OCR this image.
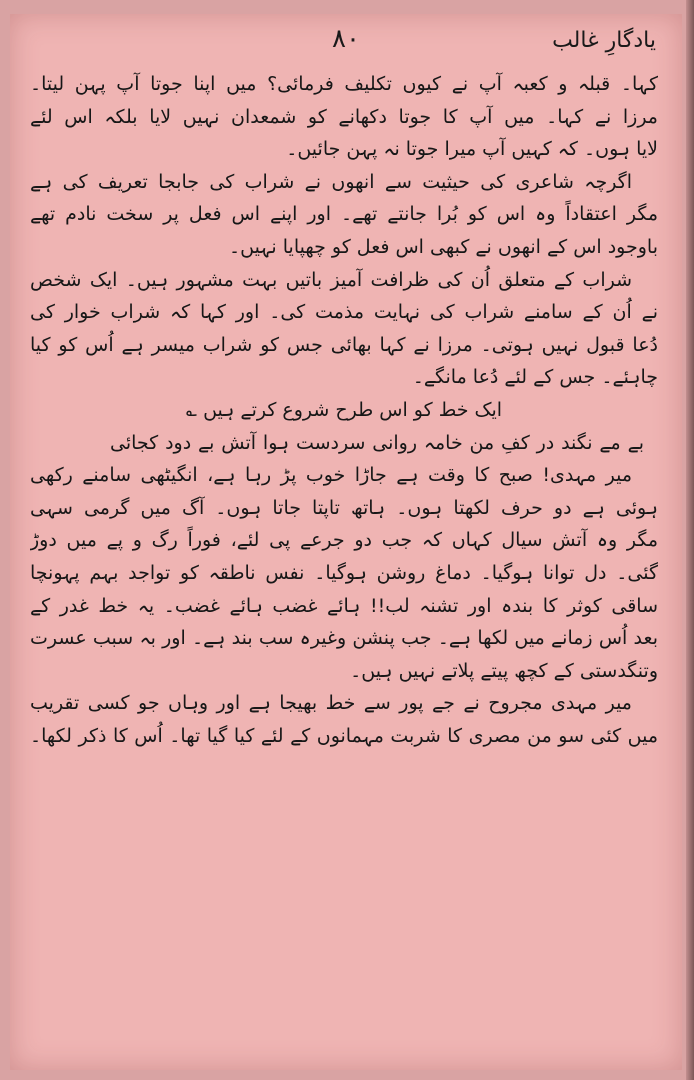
۸۰	یادگارِ غالب
کہا۔ قبلہ و کعبہ آپ نے کیوں تکلیف فرمائی؟ میں اپنا جوتا آپ پہن لیتا۔
مرزا نے کہا۔ میں آپ کا جوتا دکھانے کو شمعدان نہیں لایا بلکہ اس لئے
لایا ہوں۔ کہ کہیں آپ میرا جوتا نہ پہن جائیں۔
اگرچہ شاعری کی حیثیت سے انھوں نے شراب کی جابجا تعریف کی ہے
مگر اعتقاداً وہ اس کو بُرا جانتے تھے۔ اور اپنے اس فعل پر سخت نادم تھے
باوجود اس کے انھوں نے کبھی اس فعل کو چھپایا نہیں۔
شراب کے متعلق اُن کی ظرافت آمیز باتیں بہت مشہور ہیں۔ ایک شخص
نے اُن کے سامنے شراب کی نہایت مذمت کی۔ اور کہا کہ شراب خوار کی
دُعا قبول نہیں ہوتی۔ مرزا نے کہا بھائی جس کو شراب میسر ہے اُس کو کیا
چاہئے۔ جس کے لئے دُعا مانگے۔
ایک خط کو اس طرح شروع کرتے ہیں ؎
بے مے نگند در کفِ من خامہ روانی سردست ہوا آتش بے دود کجائی
میر مہدی! صبح کا وقت ہے جاڑا خوب پڑ رہا ہے، انگیٹھی سامنے رکھی
ہوئی ہے دو حرف لکھتا ہوں۔ ہاتھ تاپتا جاتا ہوں۔ آگ میں گرمی سہی
مگر وہ آتش سیال کہاں کہ جب دو جرعے پی لئے، فوراً رگ و پے میں دوڑ
گئی۔ دل توانا ہوگیا۔ دماغ روشن ہوگیا۔ نفس ناطقہ کو تواجد بہم پہونچا
ساقی کوثر کا بندہ اور تشنہ لب!! ہائے غضب ہائے غضب۔ یہ خط غدر کے
بعد اُس زمانے میں لکھا ہے۔ جب پنشن وغیرہ سب بند ہے۔ اور بہ سبب عسرت
وتنگدستی کے کچھ پیتے پلاتے نہیں ہیں۔
میر مہدی مجروح نے جے پور سے خط بھیجا ہے اور وہاں جو کسی تقریب
میں کئی سو من مصری کا شربت مہمانوں کے لئے کیا گیا تھا۔ اُس کا ذکر لکھا۔
